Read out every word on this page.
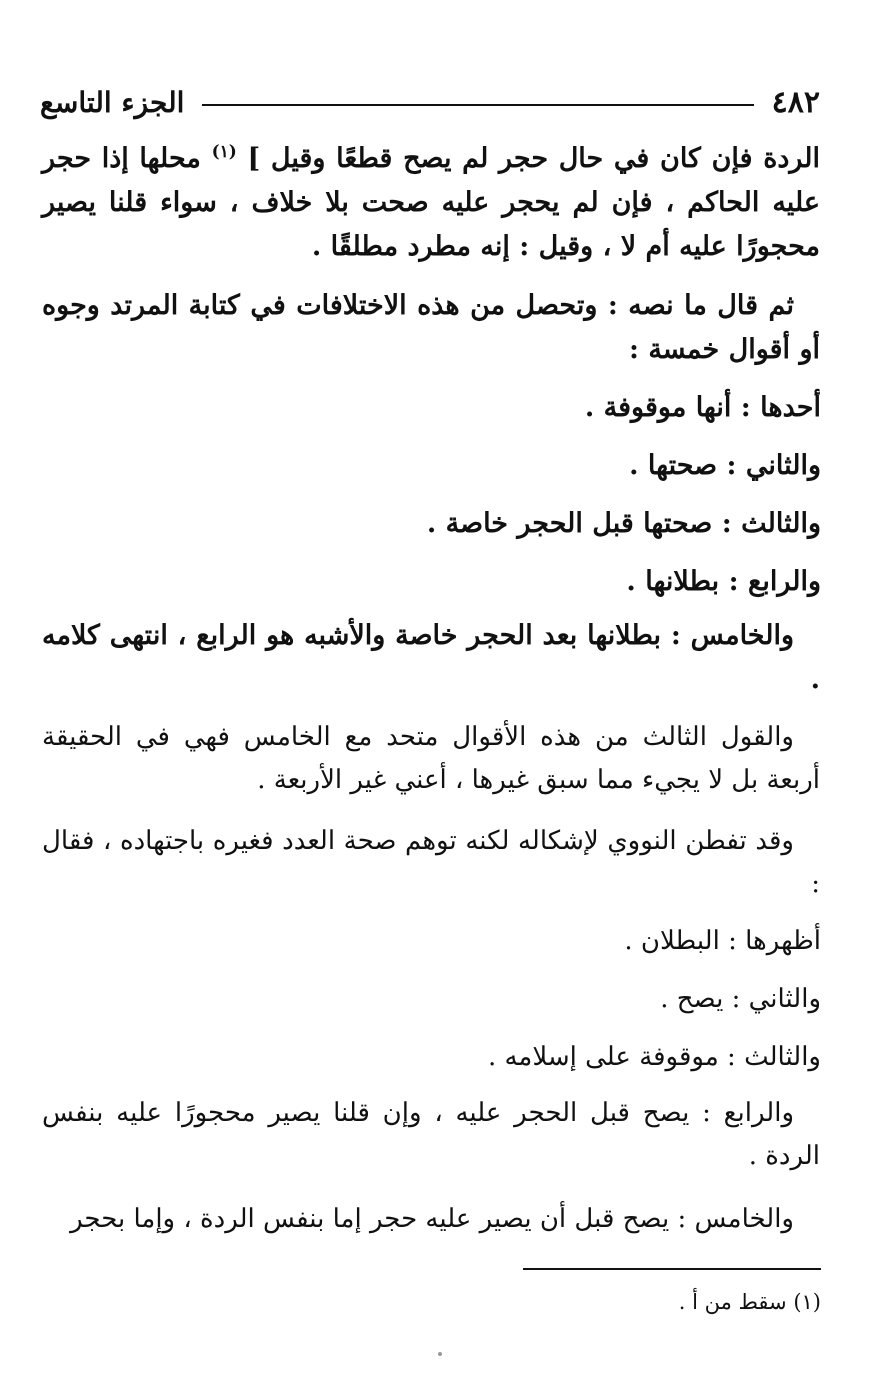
٤٨٢
الجزء التاسع

الردة فإن كان في حال حجر لم يصح قطعًا وقيل ] $^{(١)}$ محلها إذا حجر عليه الحاكم ، فإن لم يحجر عليه صحت بلا خلاف ، سواء قلنا يصير محجورًا عليه أم لا ، وقيل : إنه مطرد مطلقًا .

ثم قال ما نصه : وتحصل من هذه الاختلافات في كتابة المرتد وجوه أو أقوال خمسة :

أحدها : أنها موقوفة .

والثاني : صحتها .

والثالث : صحتها قبل الحجر خاصة .

والرابع : بطلانها .

والخامس : بطلانها بعد الحجر خاصة والأشبه هو الرابع ، انتهى كلامه .

والقول الثالث من هذه الأقوال متحد مع الخامس فهي في الحقيقة أربعة بل لا يجيء مما سبق غيرها ، أعني غير الأربعة .

وقد تفطن النووي لإشكاله لكنه توهم صحة العدد فغيره باجتهاده ، فقال :

أظهرها : البطلان .

والثاني : يصح .

والثالث : موقوفة على إسلامه .

والرابع : يصح قبل الحجر عليه ، وإن قلنا يصير محجورًا عليه بنفس الردة .

والخامس : يصح قبل أن يصير عليه حجر إما بنفس الردة ، وإما بحجر

(١) سقط من أ .
